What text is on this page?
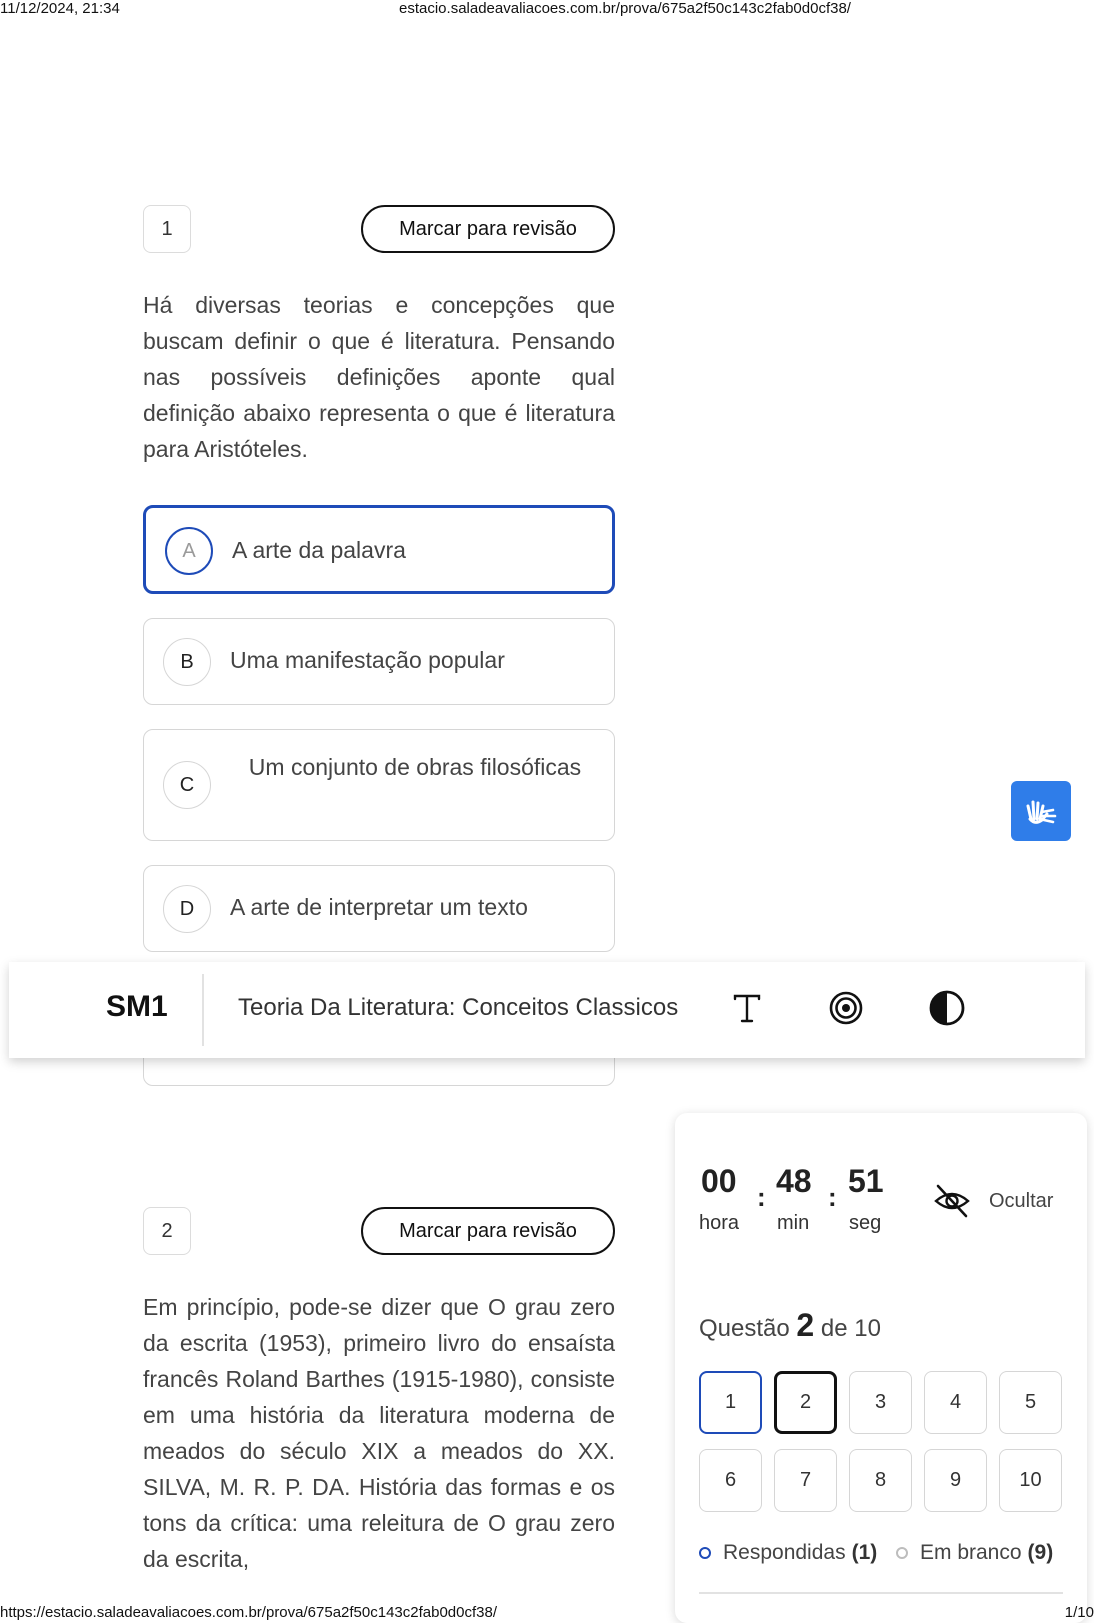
11/12/2024, 21:34	estacio.saladeavaliacoes.com.br/prova/675a2f50c143c2fab0d0cf38/
1	Marcar para revisão

Há diversas teorias e concepções que buscam definir o que é literatura. Pensando nas possíveis definições aponte qual definição abaixo representa o que é literatura para Aristóteles.

A	A arte da palavra
B	Uma manifestação popular
C
Um conjunto de obras filosóficas
D	A arte de interpretar um texto
SM1	Teoria Da Literatura: Conceitos Classicos
2	Marcar para revisão

Em princípio, pode-se dizer que O grau zero da escrita (1953), primeiro livro do ensaísta francês Roland Barthes (1915-1980), consiste em uma história da literatura moderna de meados do século XIX a meados do XX. SILVA, M. R. P. DA. História das formas e os tons da crítica: uma releitura de O grau zero da escrita,

00 : 48 : 51
hora min seg
Ocultar
Questão 2 de 10
1	2	3	4	5
6	7	8	9	10
Respondidas (1) Em branco (9)
https://estacio.saladeavaliacoes.com.br/prova/675a2f50c143c2fab0d0cf38/	1/10
